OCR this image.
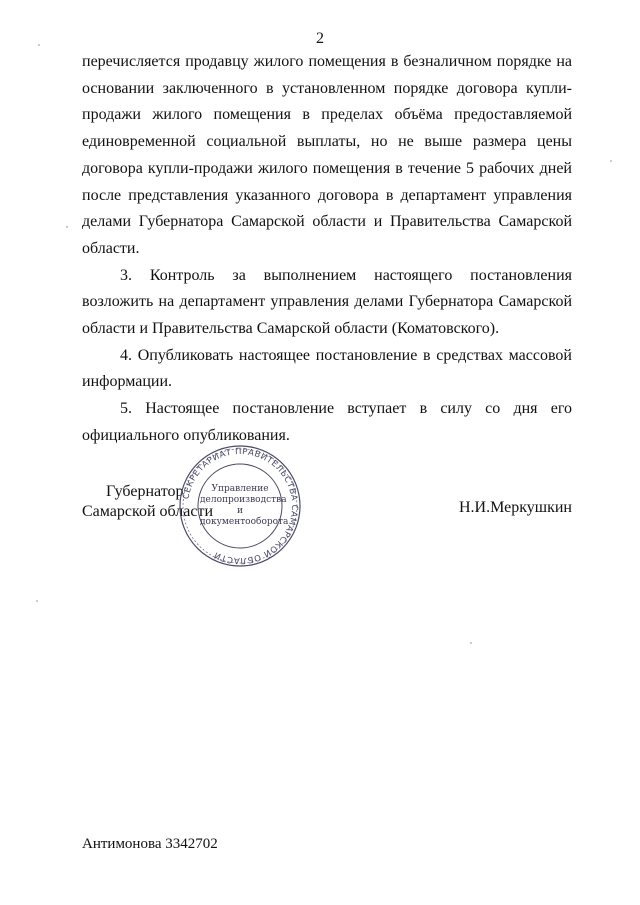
2

перечисляется продавцу жилого помещения в безналичном порядке на основании заключенного в установленном порядке договора купли-продажи жилого помещения в пределах объёма предоставляемой единовременной социальной выплаты, но не выше размера цены договора купли-продажи жилого помещения в течение 5 рабочих дней после представления указанного договора в департамент управления делами Губернатора Самарской области и Правительства Самарской области.

3. Контроль за выполнением настоящего постановления возложить на департамент управления делами Губернатора Самарской области и Правительства Самарской области (Коматовского).

4. Опубликовать настоящее постановление в средствах массовой информации.

5. Настоящее постановление вступает в силу со дня его официального опубликования.

Губернатор
Самарской области
СЕКРЕТАРИАТ ПРАВИТЕЛЬСТВА САМАРСКОЙ ОБЛАСТИ
Управление
делопроизводства
и документооборота
Н.И.Меркушкин
Антимонова 3342702
